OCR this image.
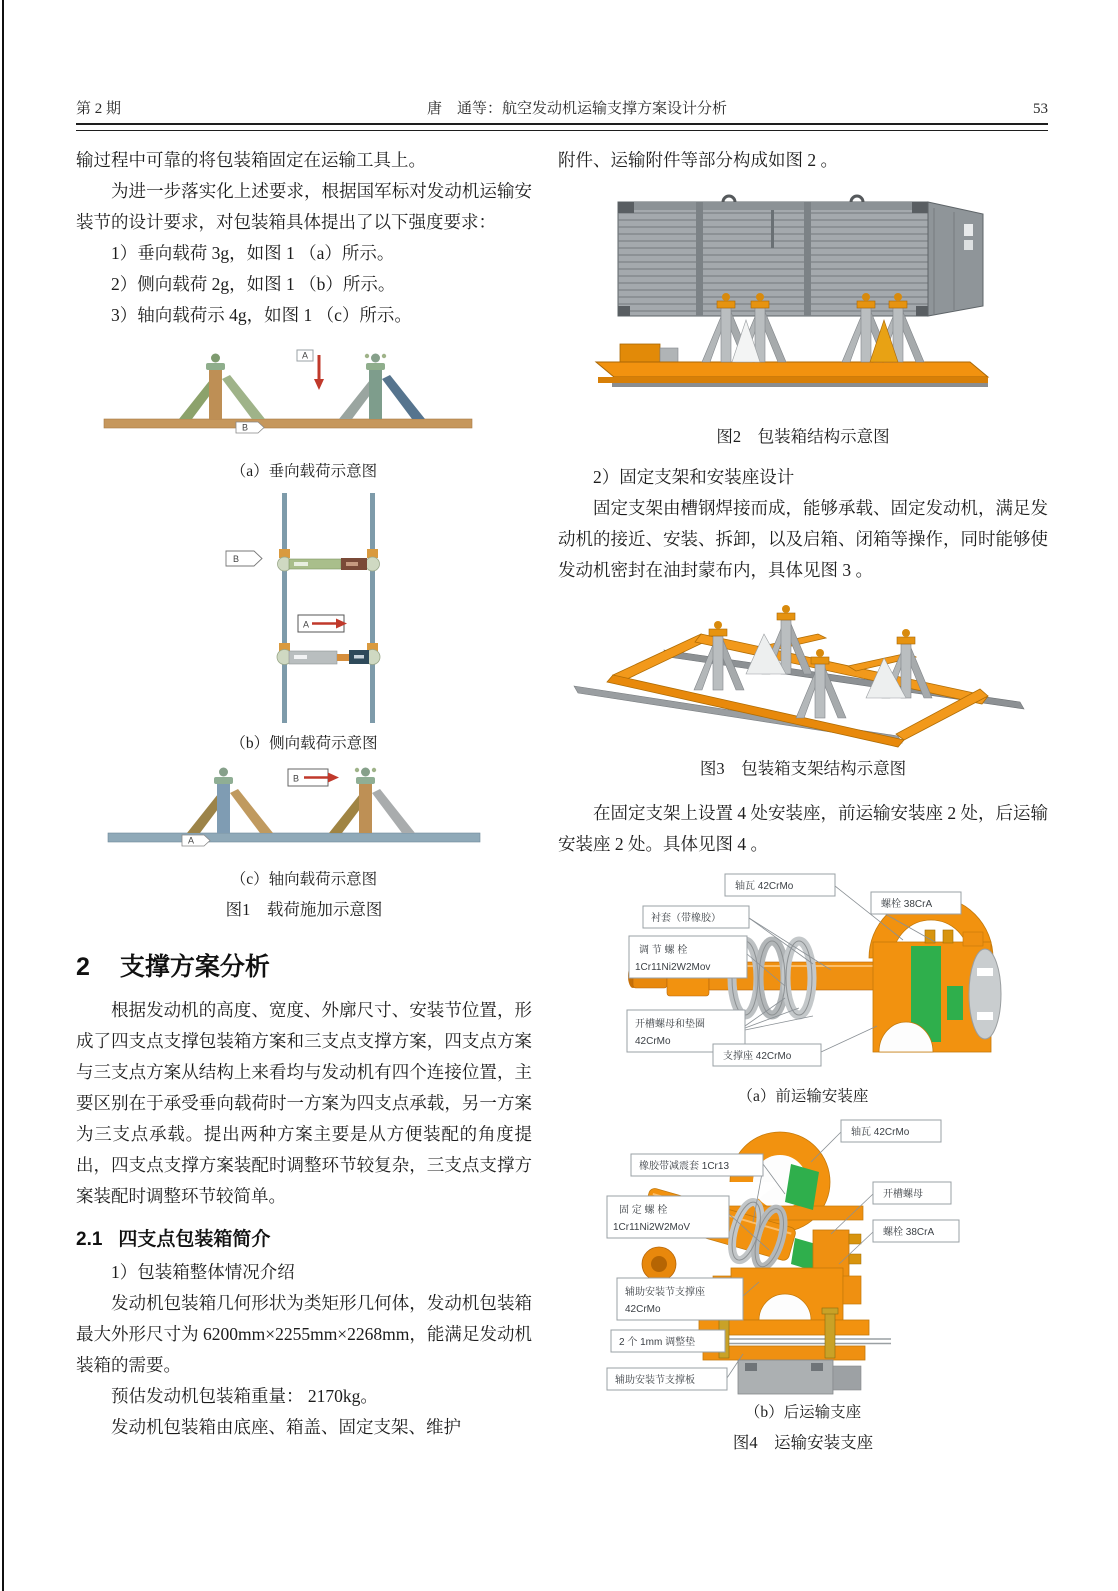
第 2 期	唐　通等：航空发动机运输支撑方案设计分析	53

输过程中可靠的将包装箱固定在运输工具上。

为进一步落实化上述要求，根据国军标对发动机运输安装节的设计要求，对包装箱具体提出了以下强度要求：

1）垂向载荷 3g，如图 1 （a）所示。

2）侧向载荷 2g，如图 1 （b）所示。

3）轴向载荷示 4g，如图 1 （c）所示。

A
B
（a）垂向载荷示意图
B
A
（b）侧向载荷示意图
B
A
（c）轴向载荷示意图
图1　载荷施加示意图
2 支撑方案分析

根据发动机的高度、宽度、外廓尺寸、安装节位置，形成了四支点支撑包装箱方案和三支点支撑方案，四支点方案与三支点方案从结构上来看均与发动机有四个连接位置，主要区别在于承受垂向载荷时一方案为四支点承载，另一方案为三支点承载。提出两种方案主要是从方便装配的角度提出，四支点支撑方案装配时调整环节较复杂，三支点支撑方案装配时调整环节较简单。

2.1 四支点包装箱简介

1）包装箱整体情况介绍

发动机包装箱几何形状为类矩形几何体，发动机包装箱最大外形尺寸为 6200mm×2255mm×2268mm，能满足发动机装箱的需要。

预估发动机包装箱重量： 2170kg。

发动机包装箱由底座、箱盖、固定支架、维护

附件、运输附件等部分构成如图 2 。

图2　包装箱结构示意图

2）固定支架和安装座设计

固定支架由槽钢焊接而成，能够承载、固定发动机，满足发动机的接近、安装、拆卸，以及启箱、闭箱等操作，同时能够使发动机密封在油封蒙布内，具体见图 3 。

图3　包装箱支架结构示意图

在固定支架上设置 4 处安装座，前运输安装座 2 处，后运输安装座 2 处。具体见图 4 。

轴瓦 42CrMo
螺栓 38CrA
衬套（带橡胶）
调 节 螺 栓
1Cr11Ni2W2Mov
开槽螺母和垫圈
42CrMo
支撑座 42CrMo
（a）前运输安装座
轴瓦 42CrMo
橡胶带减震套 1Cr13
开槽螺母
固 定 螺 栓
1Cr11Ni2W2MoV	螺栓 38CrA
辅助安装节支撑座
42CrMo
2 个 1mm 调整垫
辅助安装节支撑板
（b）后运输支座
图4　运输安装支座
